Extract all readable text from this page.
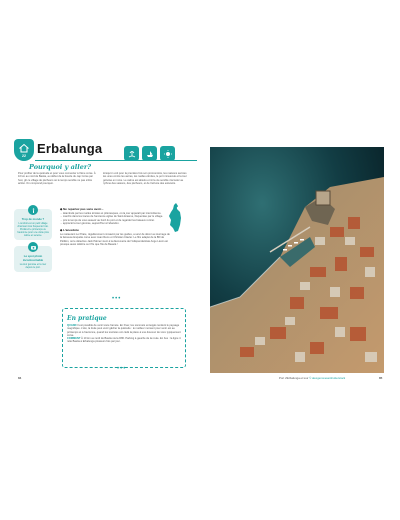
22 Erbalunga
Pourquoi y aller?
Pour profiter de la quiétude et pour vous connecter à l'âme corse. À 10 km au nord de Bastia, au début de la boucle du cap Corse par l'est, gît ce village de pêcheurs où le temps semble ne pas s'être arrêté. On comprend pourquoi.
lorsqu'on voit pour la première fois son promontoire, les maisons serrées les unes contre les autres, les ruelles étroites, le port minuscule et la tour génoise en ruine. Le calme est absolu et ici la vie semble s'écouler au rythme des saisons, des pêcheurs, et de l'arrivée des estivants.
Trop de monde ?
L'endroit est un petit village charmant très fréquenté l'été. Préférez le printemps ou l'automne pour une visite plus calme et sereine.
Le spot photo incontournable
La tour génoise et la mer depuis le port.
◆ Ne repartez pas sans avoir...
... déambulé par les ruelles étroites et pittoresques, où la mer apparaît par intermittence.
... marché dans les traces de l'ancienne église de Saint-Érasme, fréquentée par le village.
... pris le temps de vous asseoir au bord du port et de regarder les bateaux rentrer.
... apprécié la tour génoise, aujourd'hui à l'abandon.
◆ L'anecdote
Le restaurant Le Pirate, régulièrement consacré par les guides, a servi de décor au tournage de la fameuse Enquête corse avec Jean Reno et Christian Clavier. Le film adapté de la BD de Pétillon, où le détective Jack Palmer vient à la découverte de l'indépendantiste Ange Léoni est presque aussi célèbre sur l'île que l'Ile de Beauté !
•••
En pratique
QUAND Il est possible de venir toute l'année. En hiver, les sommets enneigés rendent le paysage magnifique. L'été, la foule peut venir gâcher la quiétude : le meilleur moment pour venir est au printemps et à l'automne, quand les touristes ont cédé la place à une douceur de vivre typiquement corse.
COMMENT À 10 km au nord de Bastia via la D80. Parking à gauche de la route. En bus : la ligne 4 relie Bastia à Erbalunga plusieurs fois par jour.
•••
84	Port d'Erbalunga et tour © alexgenovese/shutterstock	85
